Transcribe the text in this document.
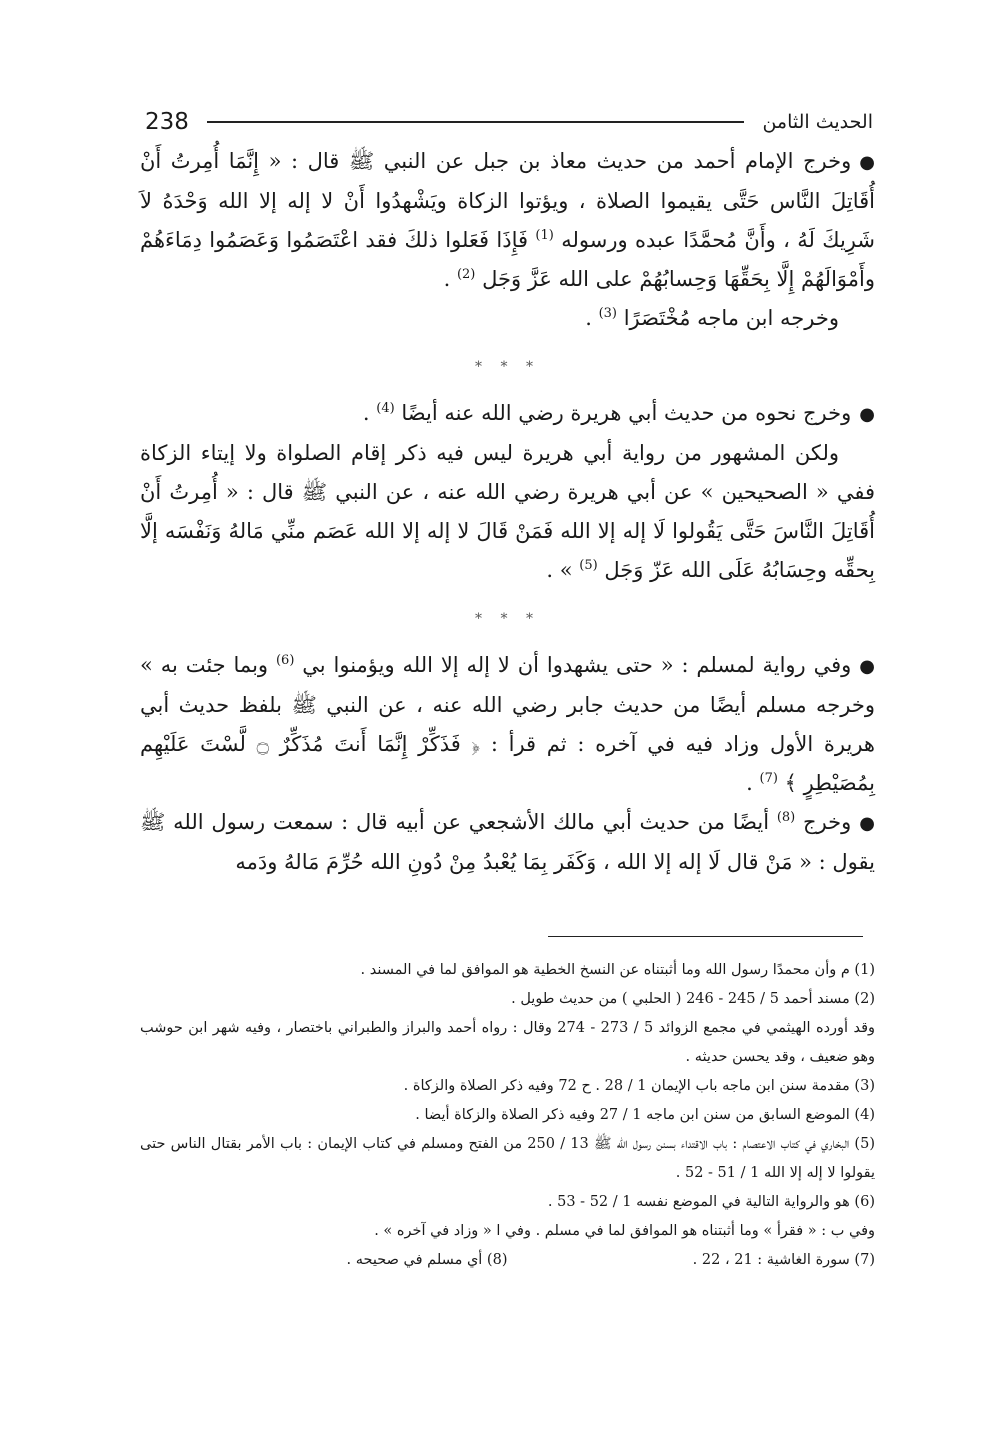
238	الحديث الثامن

●وخرج الإمام أحمد من حديث معاذ بن جبل عن النبي ﷺ قال : « إِنَّمَا أُمِرتُ أَنْ أُقَاتِلَ النَّاس حَتَّى يقيموا الصلاة ، ويؤتوا الزكاة ويَشْهدُوا أَنْ لا إله إلا الله وَحْدَهُ لاَ شَرِيكَ لَهُ ، وأَنَّ مُحمَّدًا عبده ورسوله $^{(1)}$ فَإِذَا فَعَلوا ذلكَ فقد اعْتَصَمُوا وَعَصَمُوا دِمَاءَهُمْ وأَمْوَالَهُمْ إِلَّا بِحَقِّهَا وَحِسابُهُمْ على الله عَزَّ وَجَل $^{(2)}$ .

وخرجه ابن ماجه مُخْتَصَرًا $^{(3)}$ .

* * *

●وخرج نحوه من حديث أبي هريرة رضي الله عنه أيضًا $^{(4)}$ .

ولكن المشهور من رواية أبي هريرة ليس فيه ذكر إقام الصلواة ولا إيتاء الزكاة ففي « الصحيحين » عن أبي هريرة رضي الله عنه ، عن النبي ﷺ قال : « أُمِرتُ أَنْ أُقَاتِلَ النَّاسَ حَتَّى يَقُولوا لَا إله إلا الله فَمَنْ قَالَ لا إله إلا الله عَصَم منِّي مَالهُ وَنَفْسَه إلَّا بِحقِّه وحِسَابُهُ عَلَى الله عَزّ وَجَل $^{(5)}$ » .

* * *

●وفي رواية لمسلم : « حتى يشهدوا أن لا إله إلا الله ويؤمنوا بي $^{(6)}$ وبما جئت به » وخرجه مسلم أيضًا من حديث جابر رضي الله عنه ، عن النبي ﷺ بلفظ حديث أبي هريرة الأول وزاد فيه في آخره : ثم قرأ : ﴿ فَذَكِّرْ إِنَّمَا أَنتَ مُذَكِّرٌ ۝ لَّسْتَ عَلَيْهِم بِمُصَيْطِرٍ ﴾ $^{(7)}$ .

●وخرج $^{(8)}$ أيضًا من حديث أبي مالك الأشجعي عن أبيه قال : سمعت رسول الله ﷺ يقول : « مَنْ قال لَا إله إلا الله ، وَكَفَر بِمَا يُعْبدُ مِنْ دُونِ الله حُرِّمَ مَالهُ ودَمه

(1) م وأن محمدًا رسول الله وما أثبتناه عن النسخ الخطية هو الموافق لما في المسند .

(2) مسند أحمد 5 / 245 - 246 ( الحلبي ) من حديث طويل .

وقد أورده الهيثمي في مجمع الزوائد 5 / 273 - 274 وقال : رواه أحمد والبراز والطبراني باختصار ، وفيه شهر ابن حوشب وهو ضعيف ، وقد يحسن حديثه .

(3) مقدمة سنن ابن ماجه باب الإيمان 1 / 28 . ح 72 وفيه ذكر الصلاة والزكاة .

(4) الموضع السابق من سنن ابن ماجه 1 / 27 وفيه ذكر الصلاة والزكاة أيضا .

(5) البخاري في كتاب الاعتصام : باب الاقتداء بسنن رسول الله ﷺ 13 / 250 من الفتح ومسلم في كتاب الإيمان : باب الأمر بقتال الناس حتى يقولوا لا إله إلا الله 1 / 51 - 52 .

(6) هو والرواية التالية في الموضع نفسه 1 / 52 - 53 .

وفي ب : « فقرأ » وما أثبتناه هو الموافق لما في مسلم . وفي ا « وزاد في آخره » .

(7) سورة الغاشية : 21 ، 22 .

(8) أي مسلم في صحيحه .
